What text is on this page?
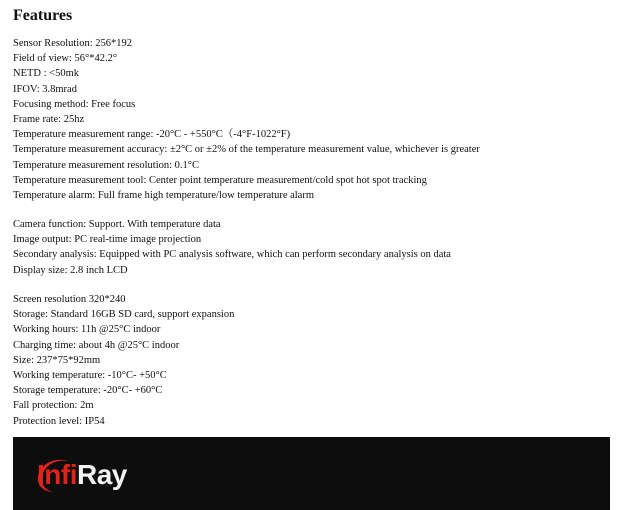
Features
Sensor Resolution: 256*192
Field of view: 56°*42.2°
NETD : <50mk
IFOV: 3.8mrad
Focusing method: Free focus
Frame rate: 25hz
Temperature measurement range: -20°C - +550°C（-4°F-1022°F)
Temperature measurement accuracy: ±2°C or ±2% of the temperature measurement value, whichever is greater
Temperature measurement resolution: 0.1°C
Temperature measurement tool: Center point temperature measurement/cold spot hot spot tracking
Temperature alarm: Full frame high temperature/low temperature alarm
Camera function: Support. With temperature data
Image output: PC real-time image projection
Secondary analysis: Equipped with PC analysis software, which can perform secondary analysis on data
Display size: 2.8 inch LCD
Screen resolution 320*240
Storage: Standard 16GB SD card, support expansion
Working hours: 11h @25°C indoor
Charging time: about 4h @25°C indoor
Size: 237*75*92mm
Working temperature: -10°C- +50°C
Storage temperature: -20°C- +60°C
Fall protection: 2m
Protection level: IP54
InfiRay
